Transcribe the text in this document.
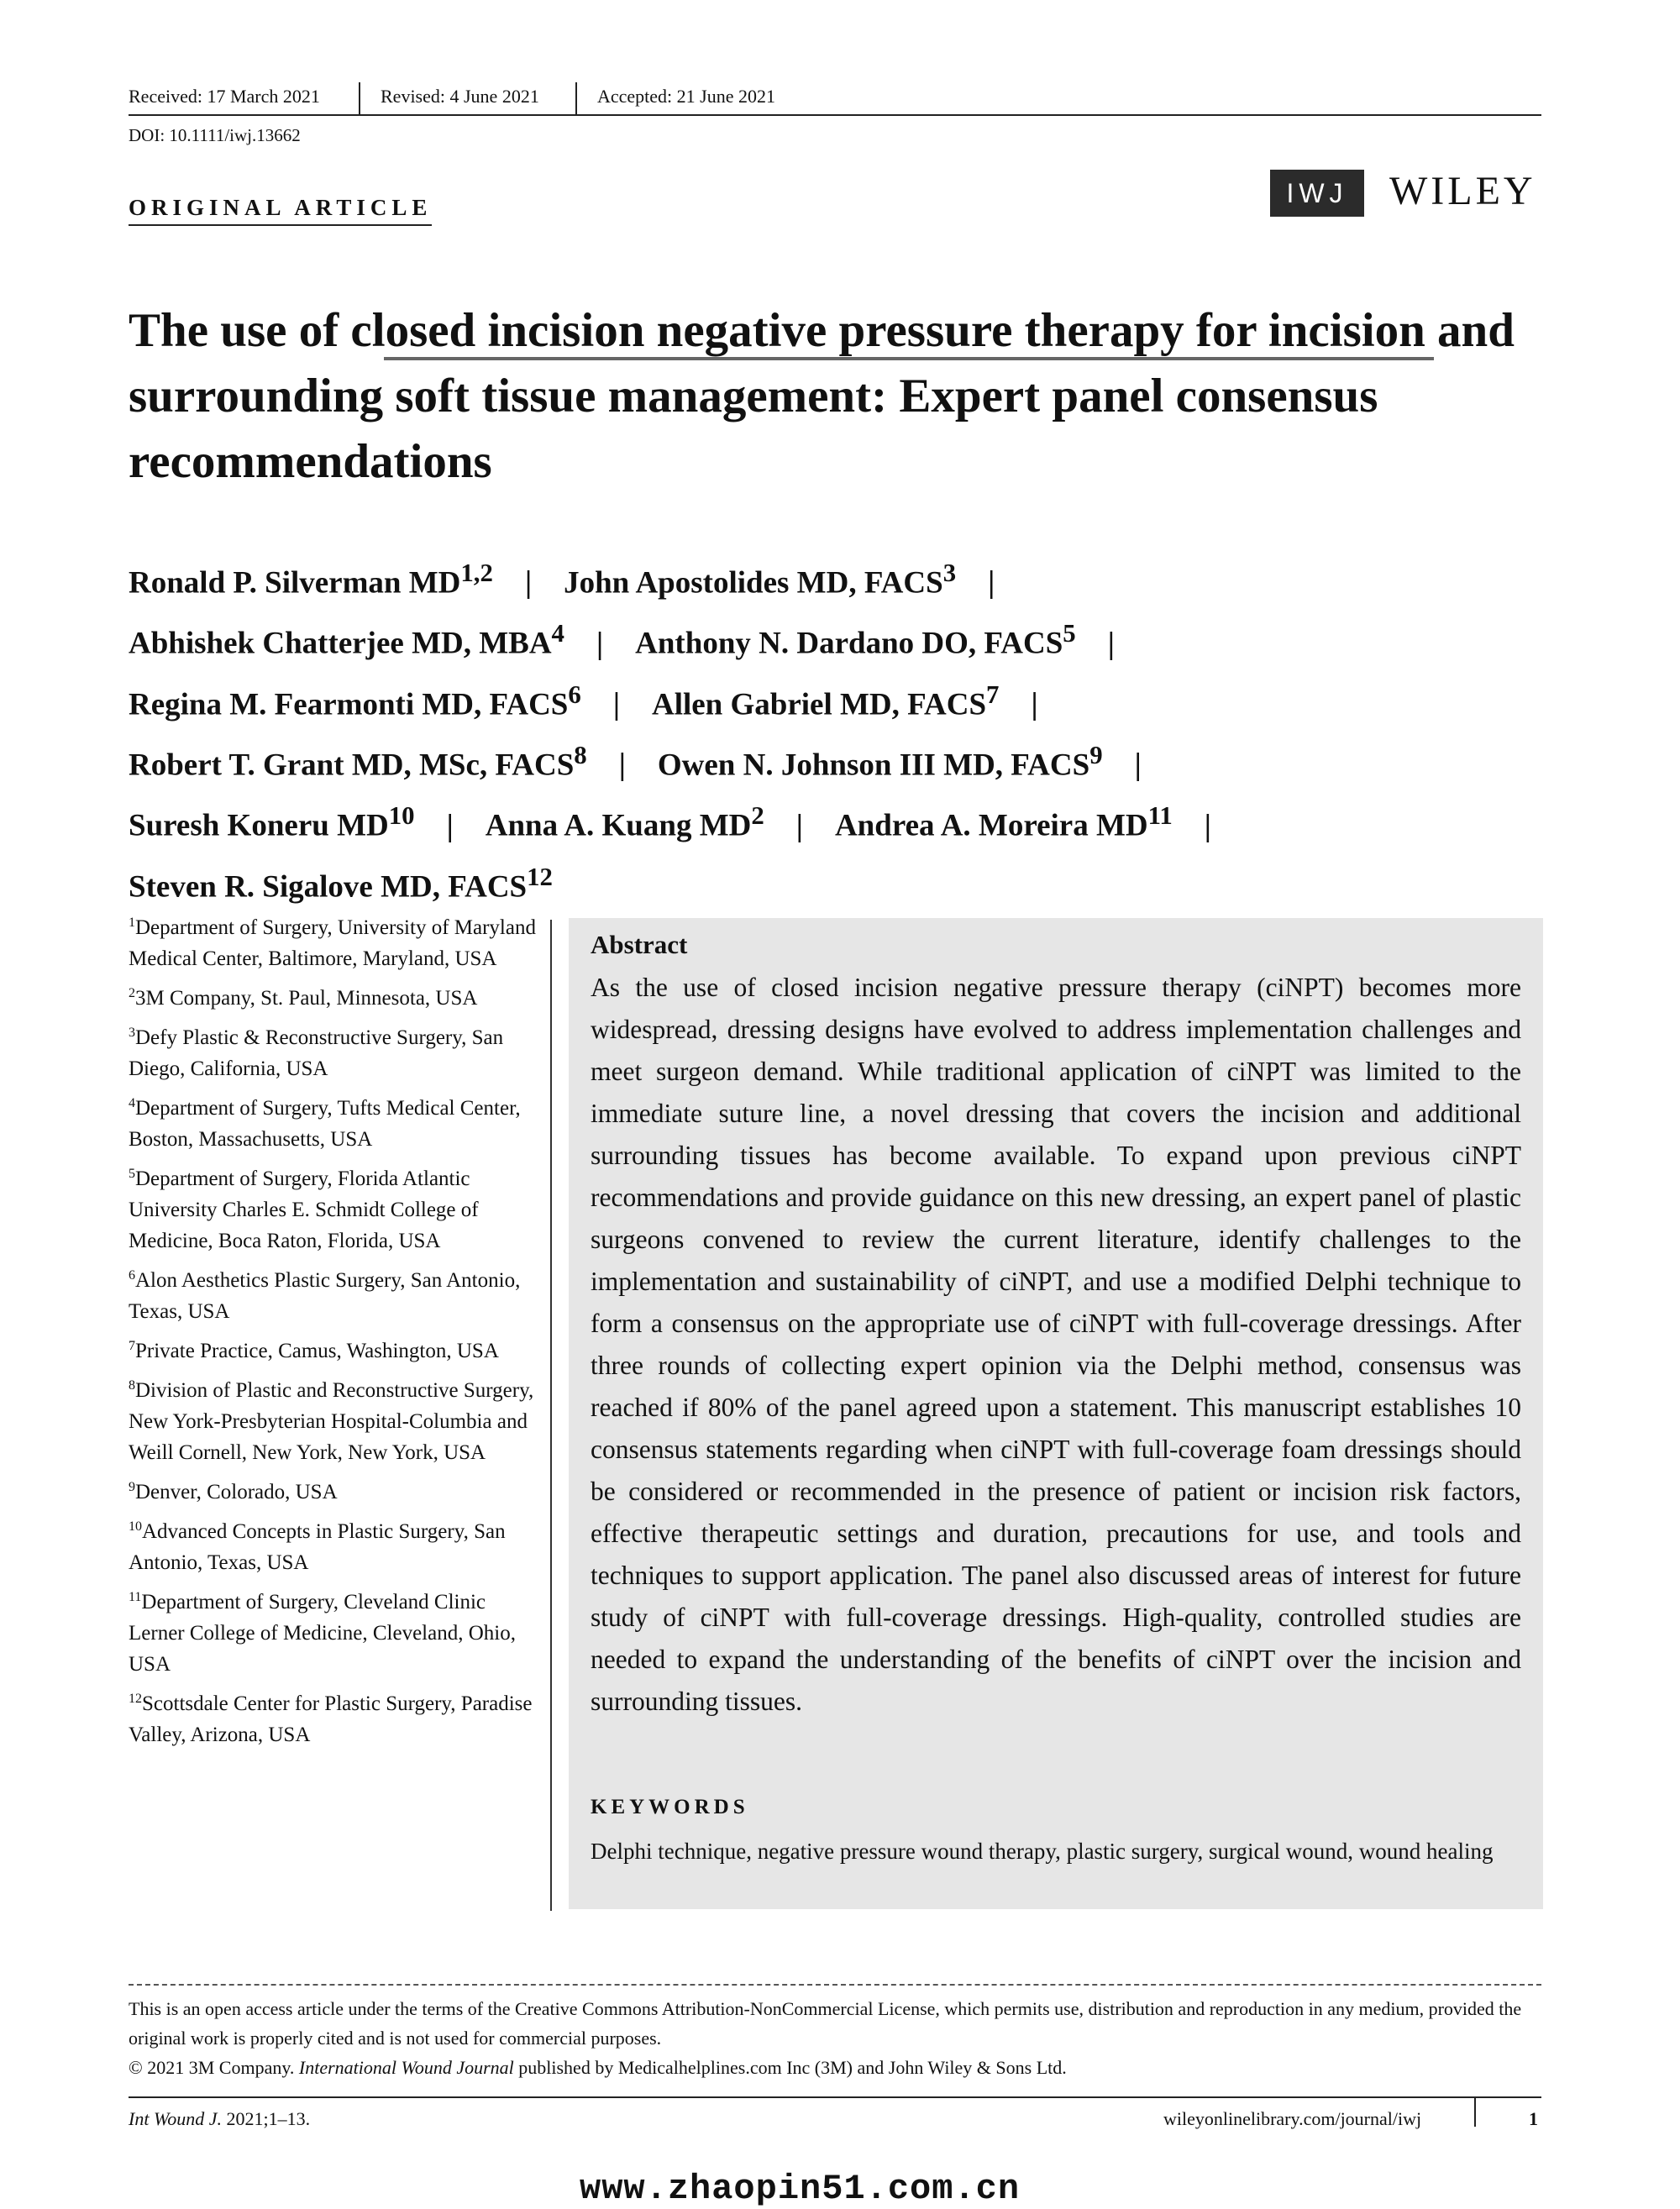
Received: 17 March 2021	Revised: 4 June 2021	Accepted: 21 June 2021
DOI: 10.1111/iwj.13662
ORIGINAL ARTICLE	IWJ	WILEY
The use of closed incision negative pressure therapy for incision and surrounding soft tissue management: Expert panel consensus recommendations
Ronald P. Silverman MD$^{1,2}$ | John Apostolides MD, FACS$^3$ |
Abhishek Chatterjee MD, MBA$^4$ | Anthony N. Dardano DO, FACS$^5$ |
Regina M. Fearmonti MD, FACS$^6$ | Allen Gabriel MD, FACS$^7$ |
Robert T. Grant MD, MSc, FACS$^8$ | Owen N. Johnson III MD, FACS$^9$ |
Suresh Koneru MD$^{10}$ | Anna A. Kuang $MD^2$ | Andrea A. Moreira MD$^{11}$ |
Steven R. Sigalove MD, FACS$^{12}$
$^1$Department of Surgery, University of Maryland Medical Center, Baltimore, Maryland, USA
$^2$3M Company, St. Paul, Minnesota, USA
$^3$Defy Plastic & Reconstructive Surgery, San Diego, California, USA
$^4$Department of Surgery, Tufts Medical Center, Boston, Massachusetts, USA
$^5$Department of Surgery, Florida Atlantic University Charles E. Schmidt College of Medicine, Boca Raton, Florida, USA
$^6$Alon Aesthetics Plastic Surgery, San Antonio, Texas, USA
$^7$Private Practice, Camus, Washington, USA
$^8$Division of Plastic and Reconstructive Surgery, New York-Presbyterian Hospital-Columbia and Weill Cornell, New York, New York, USA
$^9$Denver, Colorado, USA
$^{10}$Advanced Concepts in Plastic Surgery, San Antonio, Texas, USA
$^{11}$Department of Surgery, Cleveland Clinic Lerner College of Medicine, Cleveland, Ohio, USA
$^{12}$Scottsdale Center for Plastic Surgery, Paradise Valley, Arizona, USA
Abstract

As the use of closed incision negative pressure therapy (ciNPT) becomes more widespread, dressing designs have evolved to address implementation challenges and meet surgeon demand. While traditional application of ciNPT was limited to the immediate suture line, a novel dressing that covers the incision and additional surrounding tissues has become available. To expand upon previous ciNPT recommendations and provide guidance on this new dressing, an expert panel of plastic surgeons convened to review the current literature, identify challenges to the implementation and sustainability of ciNPT, and use a modified Delphi technique to form a consensus on the appropriate use of ciNPT with full-coverage dressings. After three rounds of collecting expert opinion via the Delphi method, consensus was reached if 80% of the panel agreed upon a statement. This manuscript establishes 10 consensus statements regarding when ciNPT with full-coverage foam dressings should be considered or recommended in the presence of patient or incision risk factors, effective therapeutic settings and duration, precautions for use, and tools and techniques to support application. The panel also discussed areas of interest for future study of ciNPT with full-coverage dressings. High-quality, controlled studies are needed to expand the understanding of the benefits of ciNPT over the incision and surrounding tissues.

KEYWORDS
Delphi technique, negative pressure wound therapy, plastic surgery, surgical wound, wound healing

This is an open access article under the terms of the Creative Commons Attribution-NonCommercial License, which permits use, distribution and reproduction in any medium, provided the original work is properly cited and is not used for commercial purposes.

© 2021 3M Company. International Wound Journal published by Medicalhelplines.com Inc (3M) and John Wiley & Sons Ltd.

Int Wound J. 2021;1–13.	wileyonlinelibrary.com/journal/iwj	1
www.zhaopin51.com.cn
